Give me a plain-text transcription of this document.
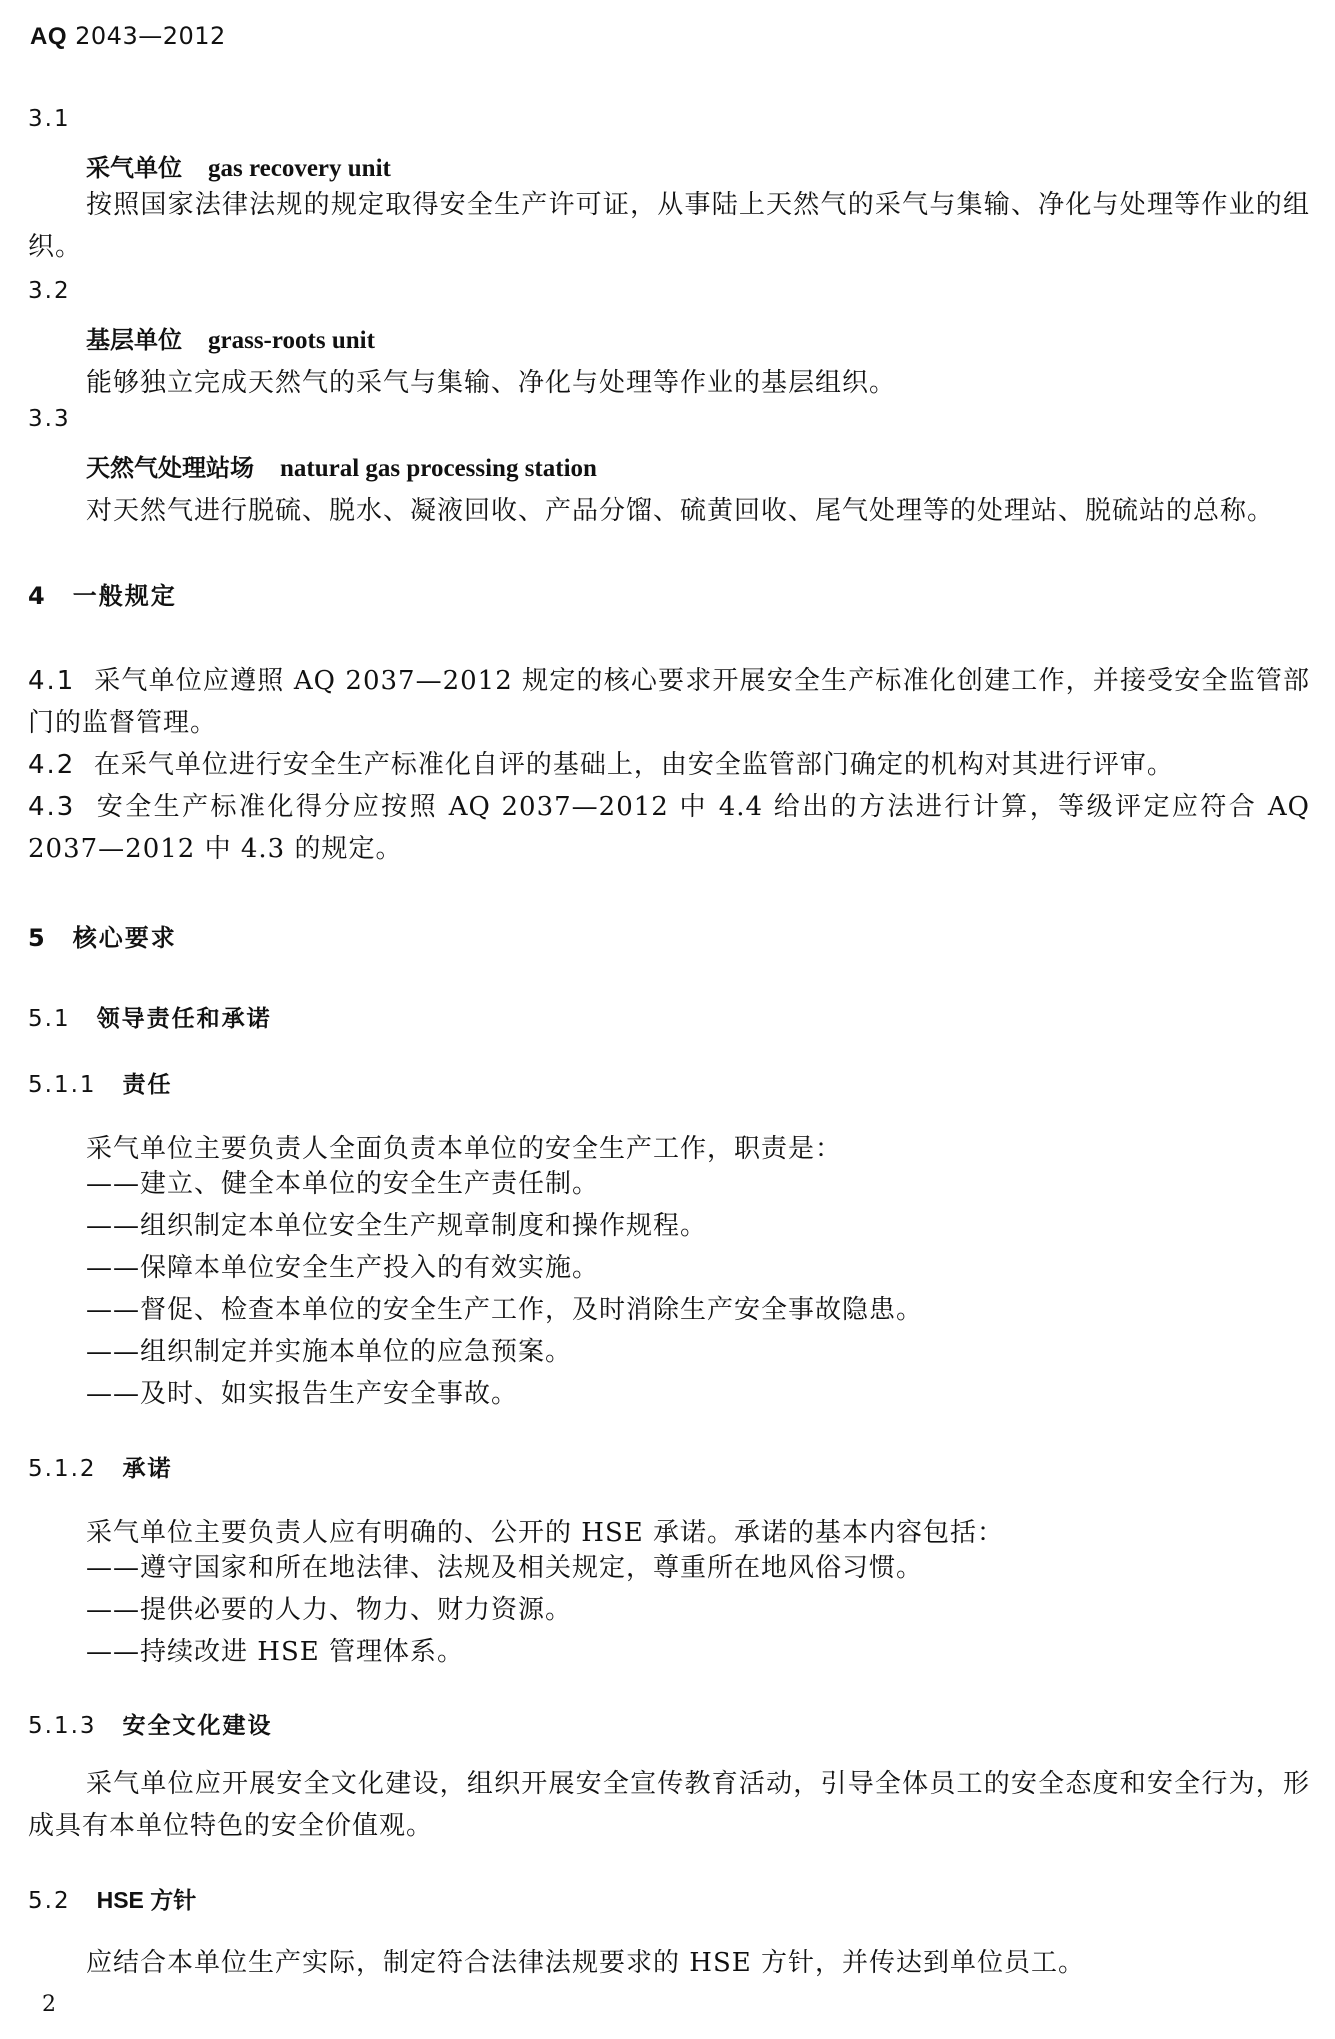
AQ 2043—2012
3.1
采气单位 gas recovery unit
按照国家法律法规的规定取得安全生产许可证，从事陆上天然气的采气与集输、净化与处理等作业的组织。
3.2
基层单位 grass-roots unit
能够独立完成天然气的采气与集输、净化与处理等作业的基层组织。
3.3
天然气处理站场 natural gas processing station
对天然气进行脱硫、脱水、凝液回收、产品分馏、硫黄回收、尾气处理等的处理站、脱硫站的总称。
4 一般规定
4.1 采气单位应遵照 AQ 2037—2012 规定的核心要求开展安全生产标准化创建工作，并接受安全监管部门的监督管理。
4.2 在采气单位进行安全生产标准化自评的基础上，由安全监管部门确定的机构对其进行评审。
4.3 安全生产标准化得分应按照 AQ 2037—2012 中 4.4 给出的方法进行计算，等级评定应符合 AQ 2037—2012 中 4.3 的规定。
5 核心要求
5.1 领导责任和承诺
5.1.1 责任
采气单位主要负责人全面负责本单位的安全生产工作，职责是：
——建立、健全本单位的安全生产责任制。
——组织制定本单位安全生产规章制度和操作规程。
——保障本单位安全生产投入的有效实施。
——督促、检查本单位的安全生产工作，及时消除生产安全事故隐患。
——组织制定并实施本单位的应急预案。
——及时、如实报告生产安全事故。
5.1.2 承诺
采气单位主要负责人应有明确的、公开的 HSE 承诺。承诺的基本内容包括：
——遵守国家和所在地法律、法规及相关规定，尊重所在地风俗习惯。
——提供必要的人力、物力、财力资源。
——持续改进 HSE 管理体系。
5.1.3 安全文化建设
采气单位应开展安全文化建设，组织开展安全宣传教育活动，引导全体员工的安全态度和安全行为，形成具有本单位特色的安全价值观。
5.2 HSE 方针
应结合本单位生产实际，制定符合法律法规要求的 HSE 方针，并传达到单位员工。
2
